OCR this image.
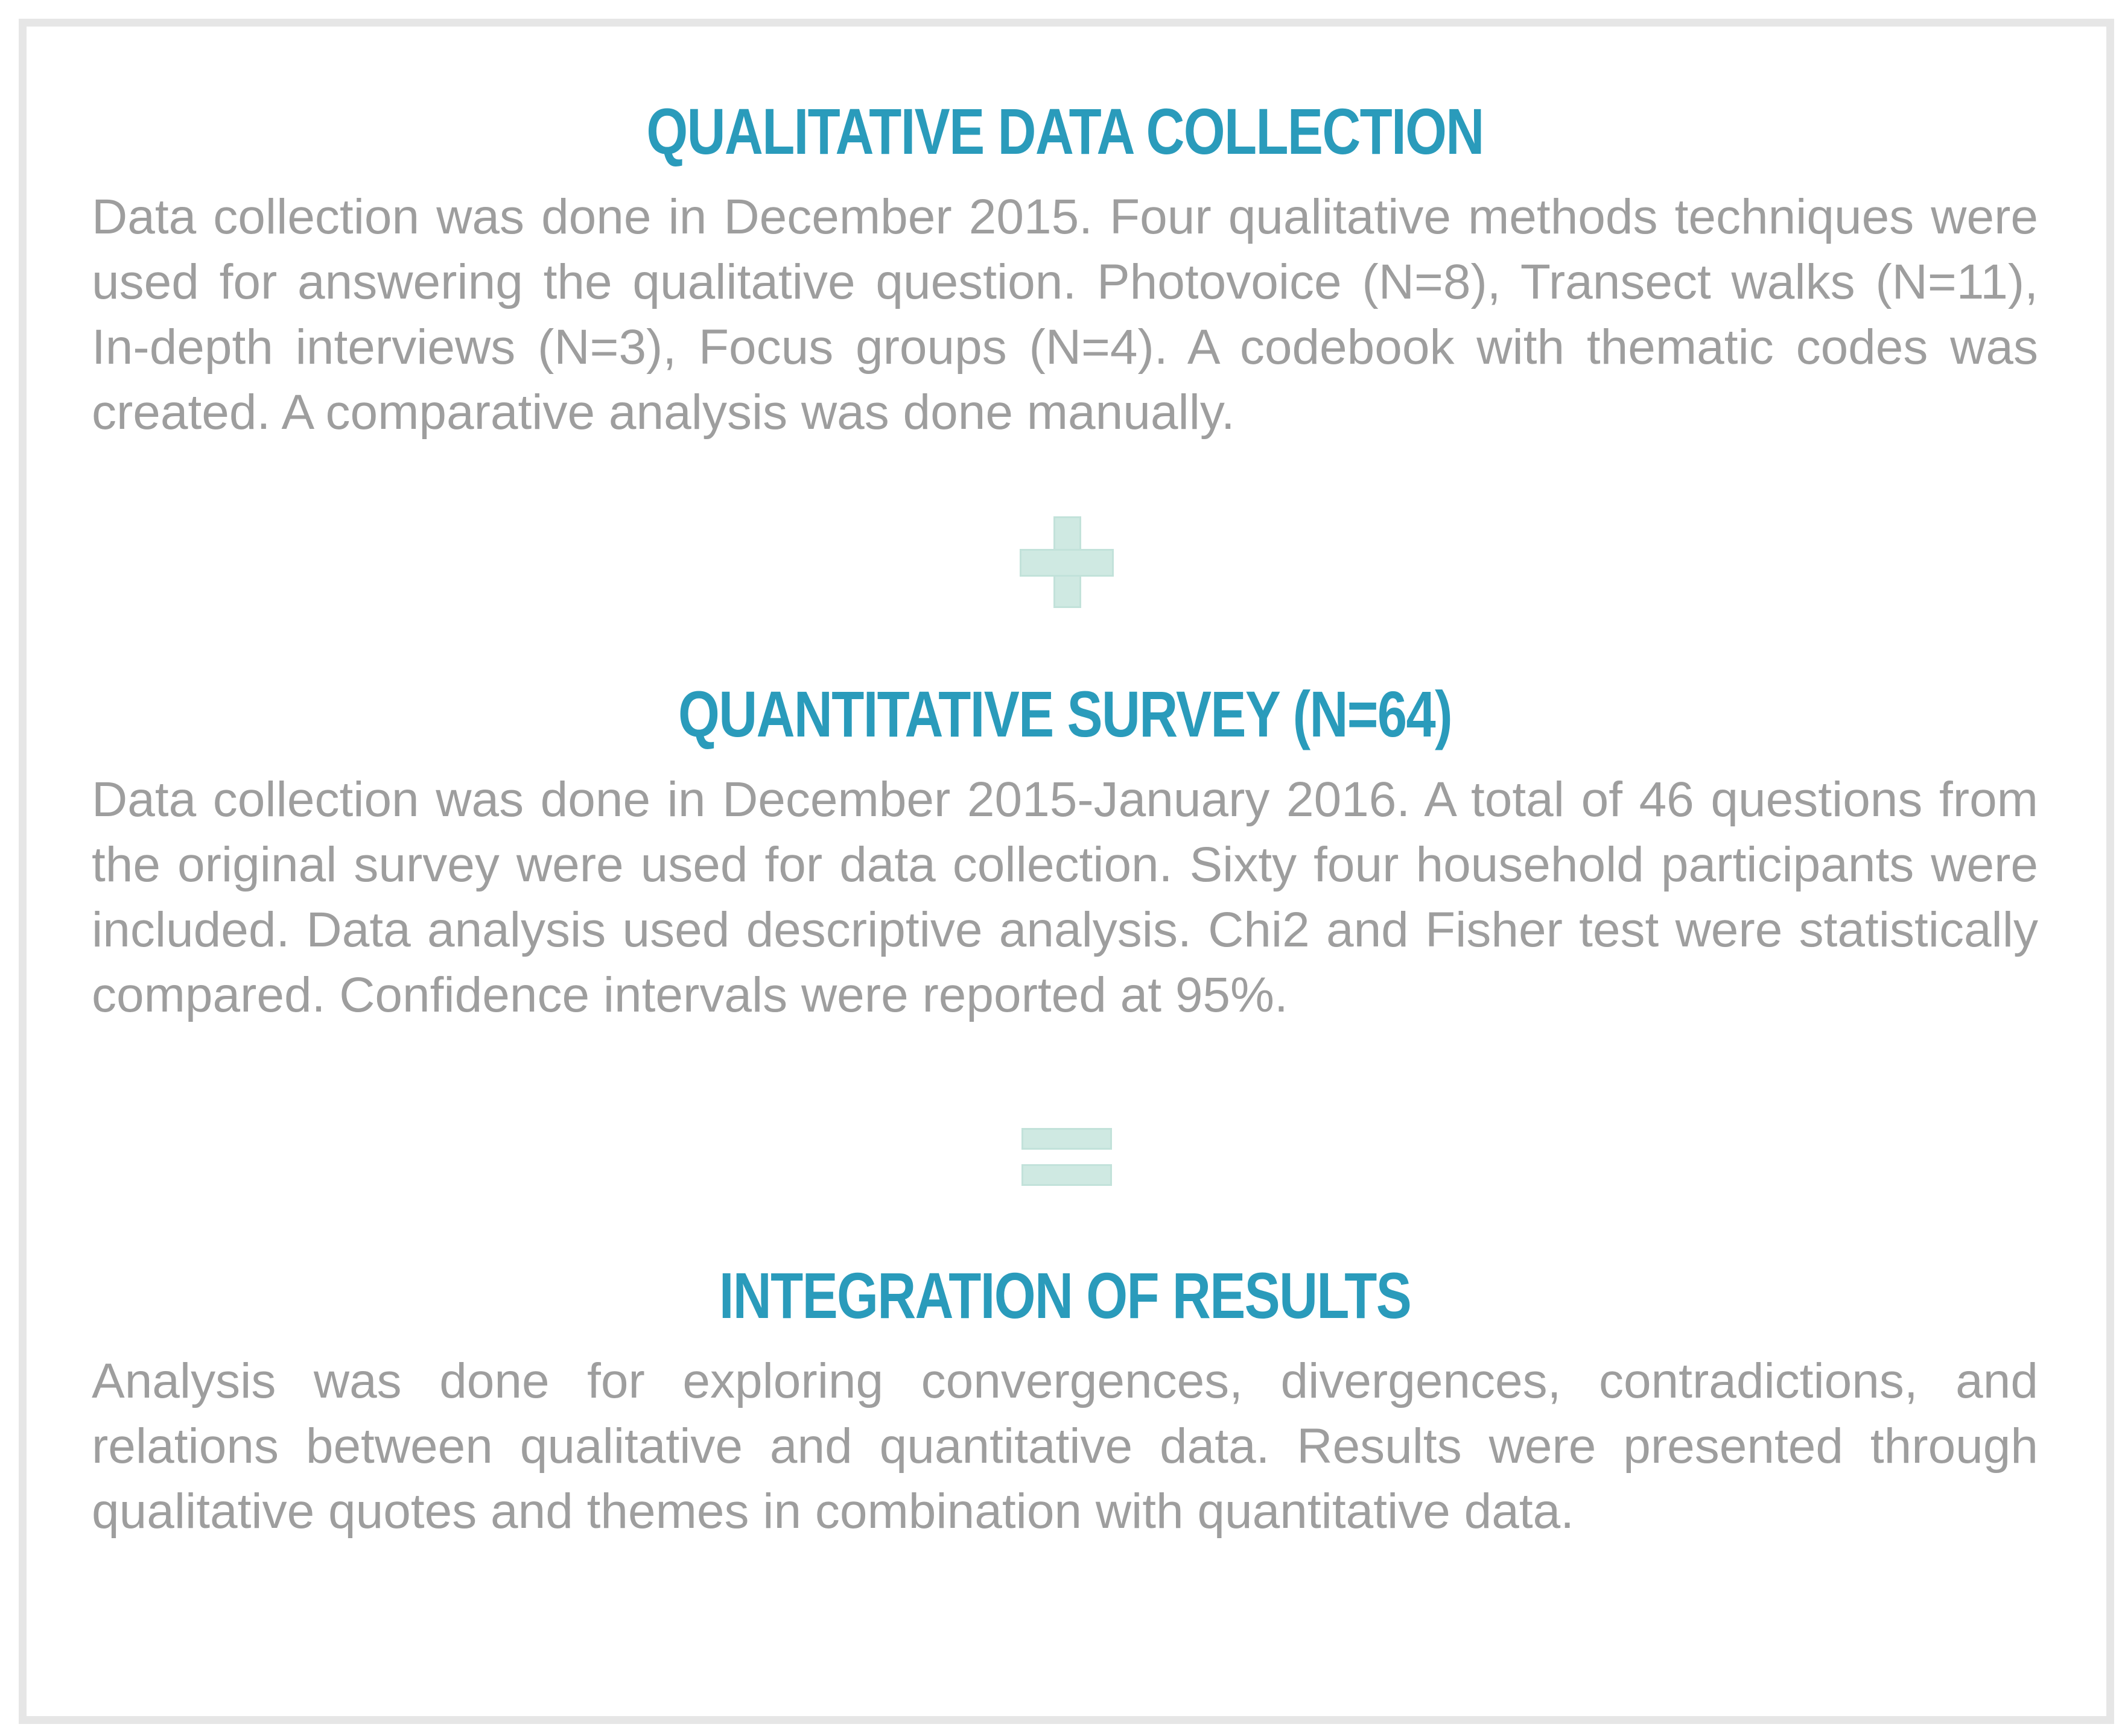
QUALITATIVE DATA COLLECTION

Data collection was done in December 2015. Four qualitative methods techniques were used for answering the qualitative question. Photovoice (N=8), Transect walks (N=11), In-depth interviews (N=3), Focus groups (N=4). A codebook with thematic codes was created. A comparative analysis was done manually.

QUANTITATIVE SURVEY (N=64)

Data collection was done in December 2015-January 2016. A total of 46 questions from the original survey were used for data collection. Sixty four household participants were included. Data analysis used descriptive analysis. Chi2 and Fisher test were statistically compared. Confidence intervals were reported at 95%.

INTEGRATION OF RESULTS

Analysis was done for exploring convergences, divergences, contradictions, and relations between qualitative and quantitative data. Results were presented through qualitative quotes and themes in combination with quantitative data.
